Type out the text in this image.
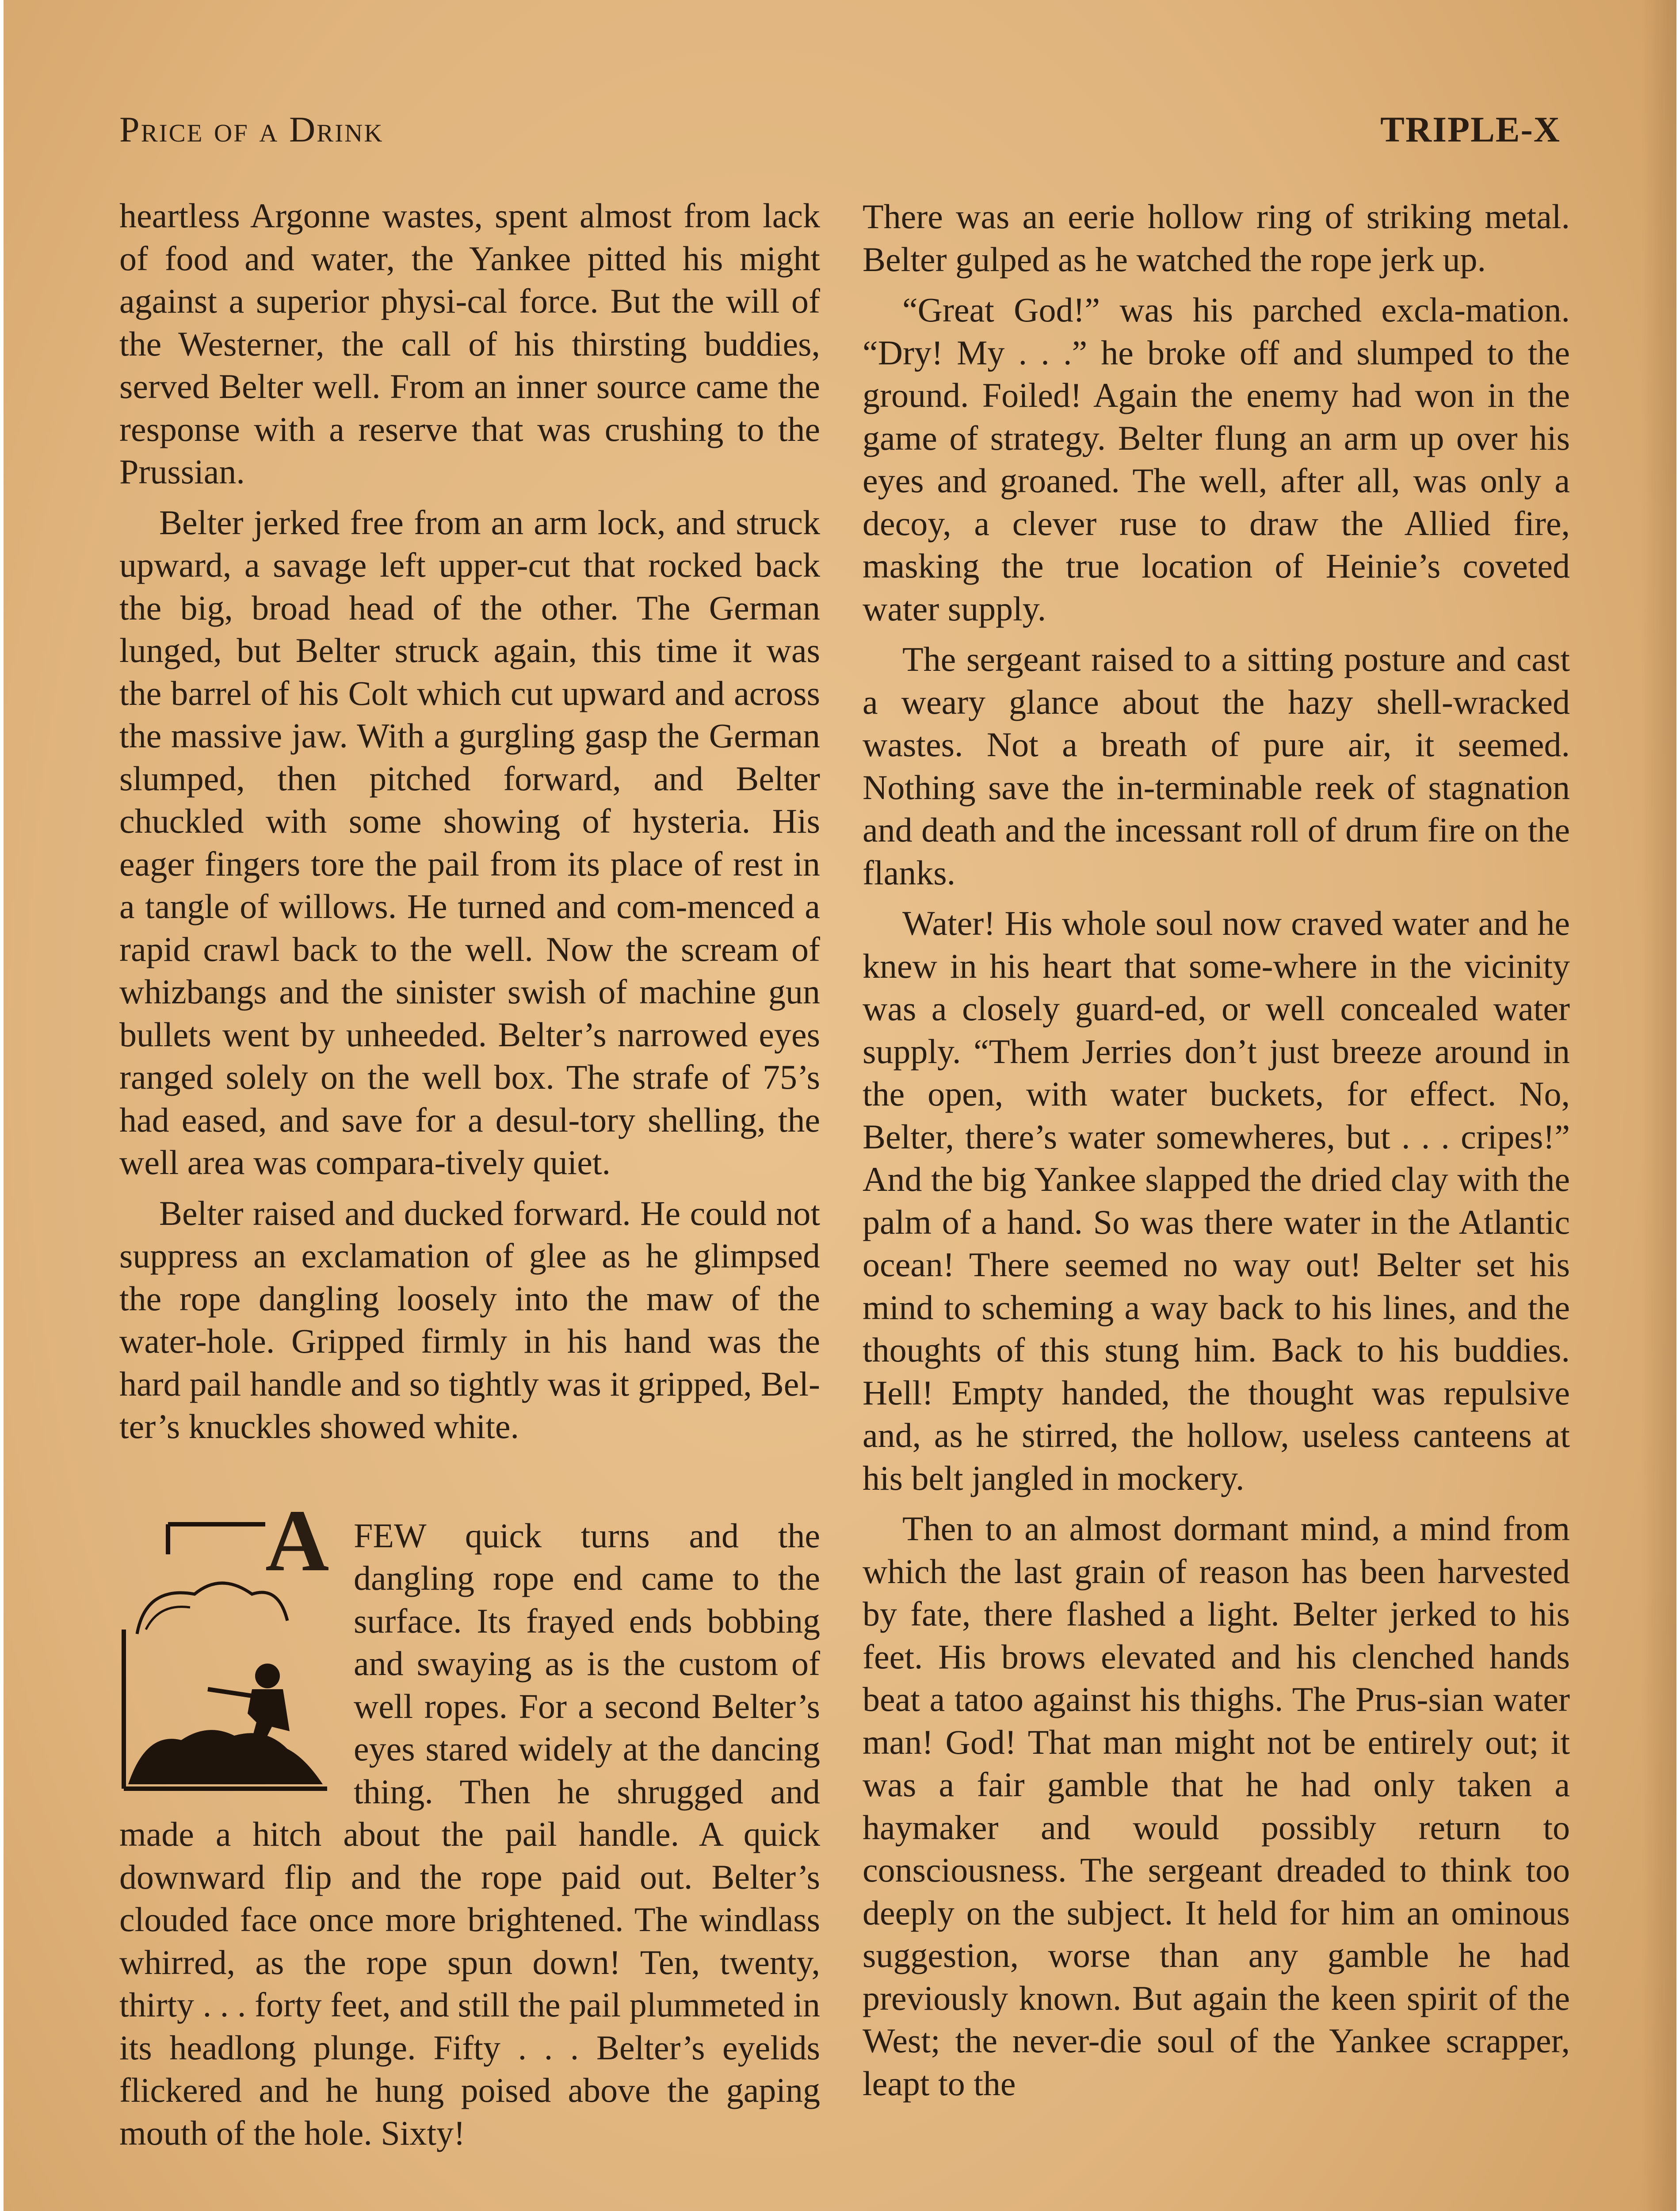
Price of a Drink	TRIPLE-X

heartless Argonne wastes, spent almost from lack of food and water, the Yankee pitted his might against a superior physi-cal force. But the will of the Westerner, the call of his thirsting buddies, served Belter well. From an inner source came the response with a reserve that was crushing to the Prussian.

Belter jerked free from an arm lock, and struck upward, a savage left upper-cut that rocked back the big, broad head of the other. The German lunged, but Belter struck again, this time it was the barrel of his Colt which cut upward and across the massive jaw. With a gurgling gasp the German slumped, then pitched forward, and Belter chuckled with some showing of hysteria. His eager fingers tore the pail from its place of rest in a tangle of willows. He turned and com-menced a rapid crawl back to the well. Now the scream of whizbangs and the sinister swish of machine gun bullets went by unheeded. Belter’s narrowed eyes ranged solely on the well box. The strafe of 75’s had eased, and save for a desul-tory shelling, the well area was compara-tively quiet.

Belter raised and ducked forward. He could not suppress an exclamation of glee as he glimpsed the rope dangling loosely into the maw of the water-hole. Gripped firmly in his hand was the hard pail handle and so tightly was it gripped, Bel-ter’s knuckles showed white.

A FEW quick turns and the dangling rope end came to the surface. Its frayed ends bobbing and swaying as is the custom of well ropes. For a second Belter’s eyes stared widely at the dancing thing. Then he shrugged and made a hitch about the pail handle. A quick downward flip and the rope paid out. Belter’s clouded face once more brightened. The windlass whirred, as the rope spun down! Ten, twenty, thirty . . . forty feet, and still the pail plummeted in its headlong plunge. Fifty . . . Belter’s eyelids flickered and he hung poised above the gaping mouth of the hole. Sixty!

There was an eerie hollow ring of striking metal. Belter gulped as he watched the rope jerk up.

“Great God!” was his parched excla-mation. “Dry! My . . .” he broke off and slumped to the ground. Foiled! Again the enemy had won in the game of strategy. Belter flung an arm up over his eyes and groaned. The well, after all, was only a decoy, a clever ruse to draw the Allied fire, masking the true location of Heinie’s coveted water supply.

The sergeant raised to a sitting posture and cast a weary glance about the hazy shell-wracked wastes. Not a breath of pure air, it seemed. Nothing save the in-terminable reek of stagnation and death and the incessant roll of drum fire on the flanks.

Water! His whole soul now craved water and he knew in his heart that some-where in the vicinity was a closely guard-ed, or well concealed water supply. “Them Jerries don’t just breeze around in the open, with water buckets, for effect. No, Belter, there’s water somewheres, but . . . cripes!” And the big Yankee slapped the dried clay with the palm of a hand. So was there water in the Atlantic ocean! There seemed no way out! Belter set his mind to scheming a way back to his lines, and the thoughts of this stung him. Back to his buddies. Hell! Empty handed, the thought was repulsive and, as he stirred, the hollow, useless canteens at his belt jangled in mockery.

Then to an almost dormant mind, a mind from which the last grain of reason has been harvested by fate, there flashed a light. Belter jerked to his feet. His brows elevated and his clenched hands beat a tatoo against his thighs. The Prus-sian water man! God! That man might not be entirely out; it was a fair gamble that he had only taken a haymaker and would possibly return to consciousness. The sergeant dreaded to think too deeply on the subject. It held for him an ominous suggestion, worse than any gamble he had previously known. But again the keen spirit of the West; the never-die soul of the Yankee scrapper, leapt to the
